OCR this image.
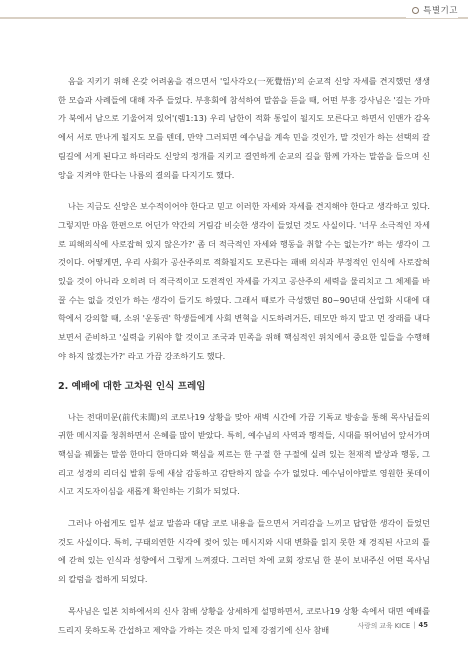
특별기고

음을 지키기 위해 온갖 어려움을 겪으면서 '일사각오(一死覺悟)'의 순교적 신앙 자세를 견지했던 생생한 모습과 사례들에 대해 자주 들었다. 부흥회에 참석하여 말씀을 듣을 때, 어떤 부흥 강사님은 '길는 가마가 북에서 남으로 기울어져 있어'(렘1:13) 우리 남한이 적화 통일이 될지도 모른다고 하면서 인맨가 감옥에서 서로 만나게 될지도 모를 텐데, 만약 그러되면 예수님을 계속 민을 것인가, 말 것인가 하는 선택의 갈림길에 서게 된다고 하더라도 신앙의 정개를 지키고 결연하게 순교의 길을 함께 가자는 말씀을 들으며 신앙을 지켜야 한다는 나름의 결의를 다지기도 했다.

나는 지금도 신앙은 보수적이어야 한다고 믿고 이러한 자세와 자세를 견지해야 한다고 생각하고 있다. 그렇지만 마음 한편으로 어딘가 약간의 거림감 비슷한 생각이 들었던 것도 사실이다. '너무 소극적인 자세로 피해의식에 사로잡혀 있지 않은가?' 좀 더 적극적인 자세와 행동을 취할 수는 없는가?' 하는 생각이 그것이다. 어떻게면, 우리 사회가 공산주의로 적화될지도 모른다는 패배 의식과 부정적인 인식에 사로잡혀 있을 것이 아니라 오히려 더 적극적이고 도전적인 자세를 가지고 공산주의 세력을 물리치고 그 체제를 바꿀 수는 없을 것인가 하는 생각이 들기도 하였다. 그래서 때로가 극성했던 80~90년대 산업화 시대에 대학에서 강의할 때, 소위 '운동권' 학생들에게 사회 변혁을 시도하려거든, 데모만 하지 말고 먼 장래를 내다보면서 준비하고 '실력을 키워야 할 것이고 조국과 민족을 위해 핵심적인 위치에서 중요한 일들을 수행해야 하지 않겠는가?' 라고 가끔 강조하기도 했다.

2. 예배에 대한 고차원 인식 프레임

나는 전대미문(前代未聞)의 코로나19 상황을 맞아 새벽 시간에 가끔 기독교 방송을 통해 목사님들의 귀한 메시지를 청취하면서 은혜를 많이 받았다. 특히, 예수님의 사역과 행적들, 시대를 뛰어넘어 앞서가며 핵심을 꿰뚫는 말씀 한마디 한마디와 핵심을 찌르는 한 구절 한 구절에 실려 있는 천재적 발상과 행동, 그리고 성경의 리더십 발휘 등에 새삼 감동하고 감탄하지 않을 수가 없었다. 예수님이야말로 영원한 롯데이시고 지도자이심을 새롭게 확인하는 기회가 되었다.

그러나 아쉽게도 일부 설교 말씀과 대담 코로 내용을 들으면서 거리감을 느끼고 답답한 생각이 들었던 것도 사실이다. 특히, 구태의연한 시각에 젖어 있는 메시지와 시대 변화를 읽지 못한 채 경직된 사고의 틀에 갇혀 있는 인식과 성향에서 그렇게 느껴졌다. 그러던 차에 교회 장로님 한 분이 보내주신 어떤 목사님의 칼럼을 접하게 되었다.

목사님은 일본 치하에서의 신사 참배 상황을 상세하게 설명하면서, 코로나19 상황 속에서 대면 예배를 드리지 못하도록 간섭하고 제약을 가하는 것은 마치 일제 강점기에 신사 참배	사랑의 교육 KICE | 45
